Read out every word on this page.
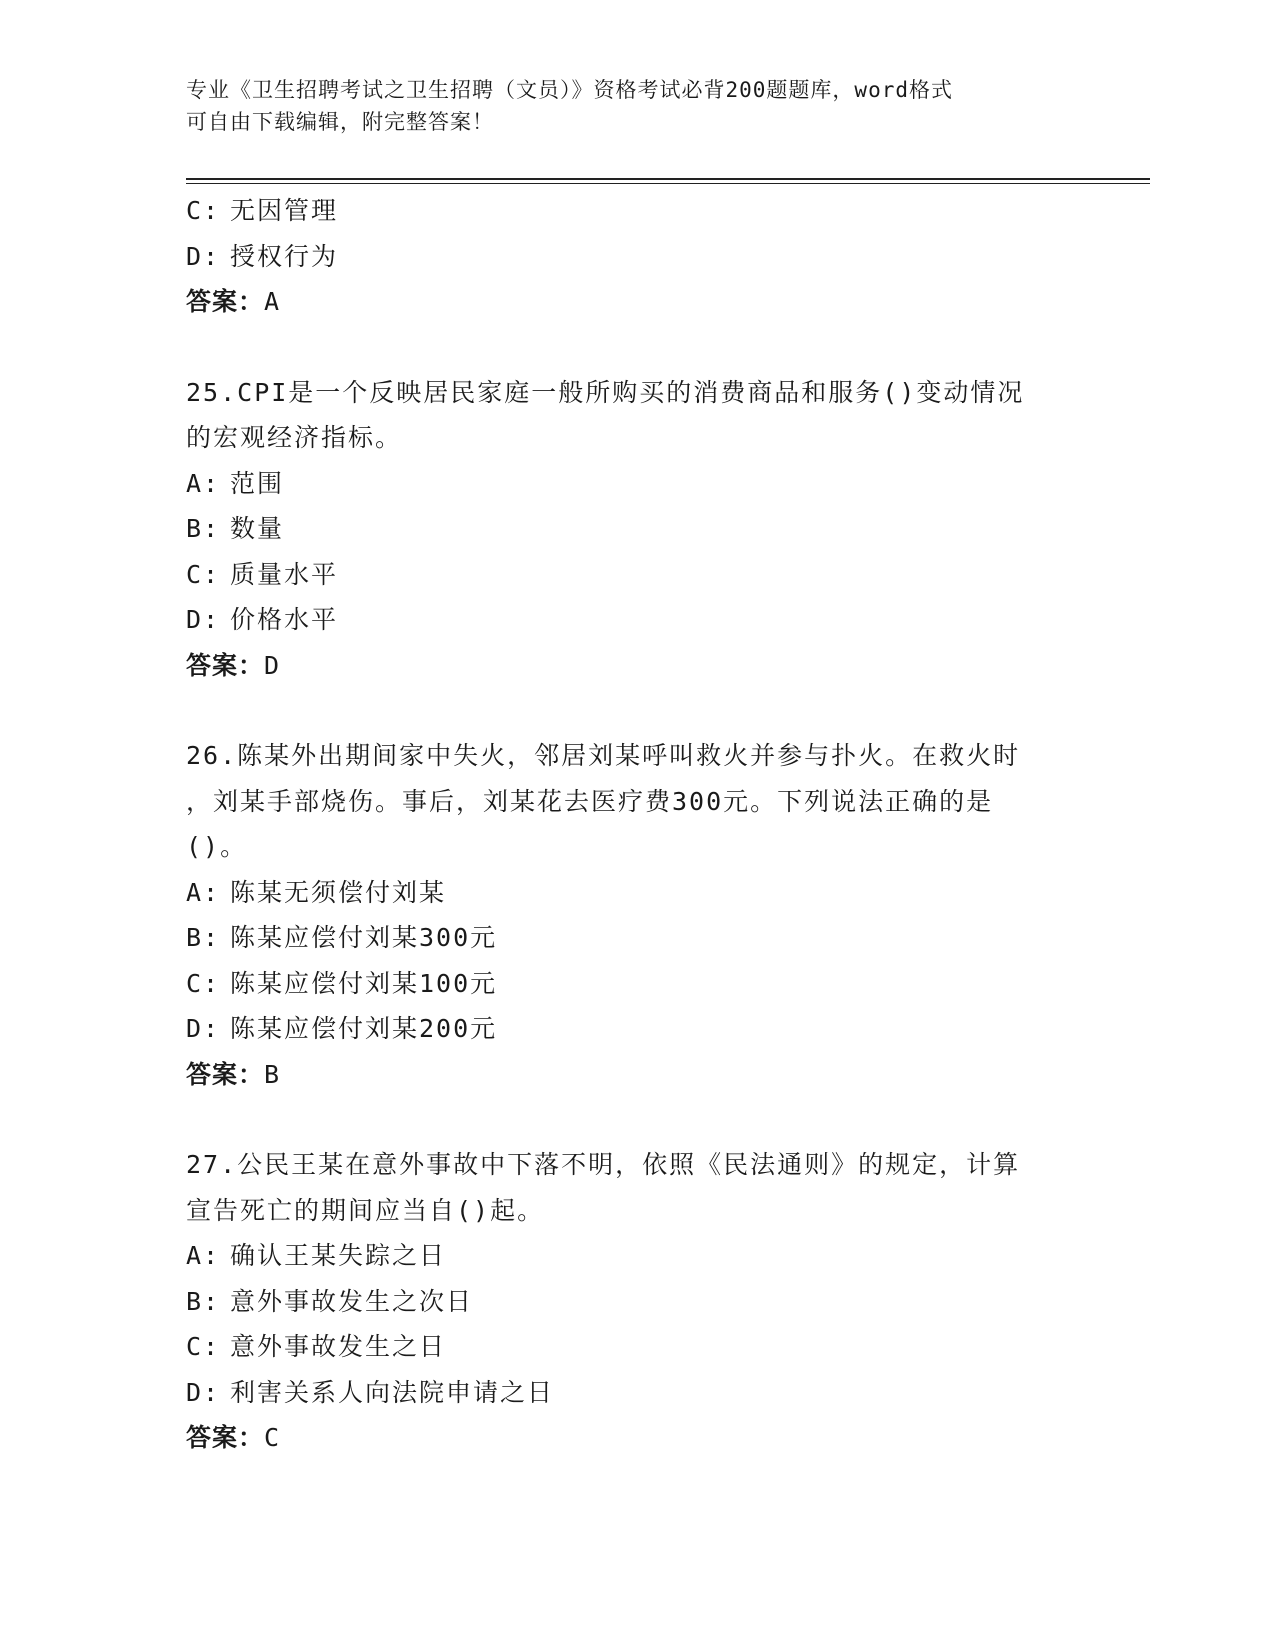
专业《卫生招聘考试之卫生招聘（文员）》资格考试必背200题题库，word格式
可自由下载编辑，附完整答案！
C: 无因管理
D: 授权行为
答案：A
25.CPI是一个反映居民家庭一般所购买的消费商品和服务()变动情况
的宏观经济指标。
A: 范围
B: 数量
C: 质量水平
D: 价格水平
答案：D
26.陈某外出期间家中失火，邻居刘某呼叫救火并参与扑火。在救火时
，刘某手部烧伤。事后，刘某花去医疗费300元。下列说法正确的是
()。
A: 陈某无须偿付刘某
B: 陈某应偿付刘某300元
C: 陈某应偿付刘某100元
D: 陈某应偿付刘某200元
答案：B
27.公民王某在意外事故中下落不明，依照《民法通则》的规定，计算
宣告死亡的期间应当自()起。
A: 确认王某失踪之日
B: 意外事故发生之次日
C: 意外事故发生之日
D: 利害关系人向法院申请之日
答案：C
